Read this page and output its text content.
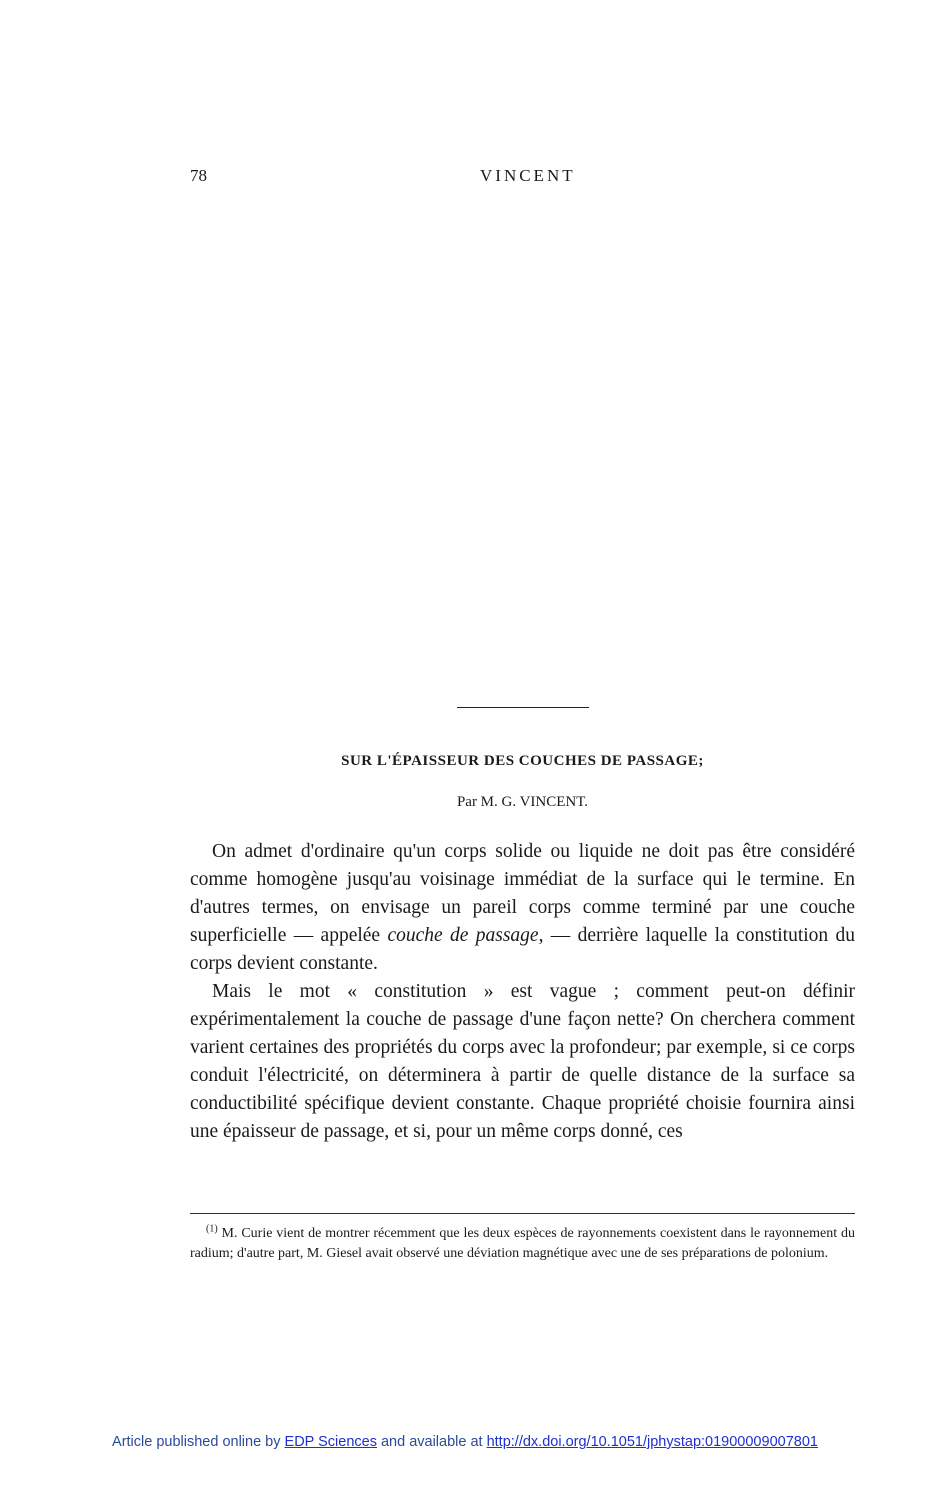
78	VINCENT
SUR L'ÉPAISSEUR DES COUCHES DE PASSAGE;
Par M. G. VINCENT.

On admet d'ordinaire qu'un corps solide ou liquide ne doit pas être considéré comme homogène jusqu'au voisinage immédiat de la surface qui le termine. En d'autres termes, on envisage un pareil corps comme terminé par une couche superficielle — appelée couche de passage, — derrière laquelle la constitution du corps devient constante.

Mais le mot « constitution » est vague ; comment peut-on définir expérimentalement la couche de passage d'une façon nette? On cherchera comment varient certaines des propriétés du corps avec la profondeur; par exemple, si ce corps conduit l'électricité, on déterminera à partir de quelle distance de la surface sa conductibilité spécifique devient constante. Chaque propriété choisie fournira ainsi une épaisseur de passage, et si, pour un même corps donné, ces

$^{(1)}$ M. Curie vient de montrer récemment que les deux espèces de rayonnements coexistent dans le rayonnement du radium; d'autre part, M. Giesel avait observé une déviation magnétique avec une de ses préparations de polonium.

Article published online by EDP Sciences and available at http://dx.doi.org/10.1051/jphystap:01900009007801
